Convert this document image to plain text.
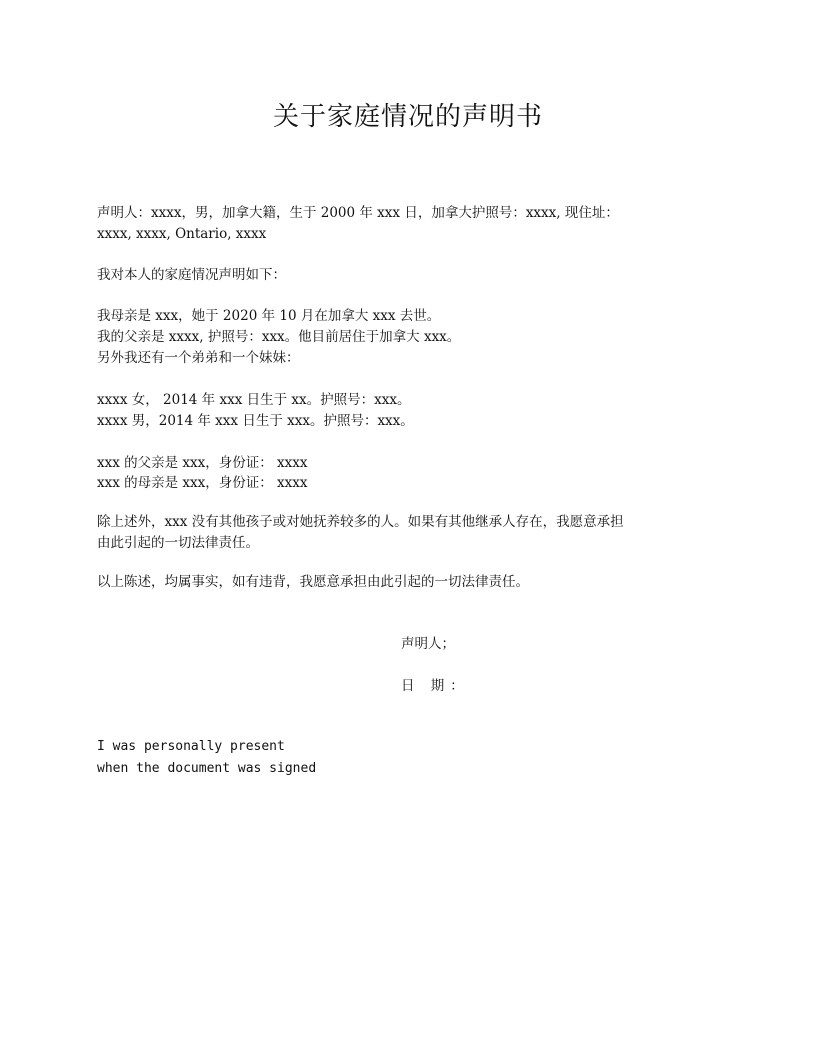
关于家庭情况的声明书
声明人：xxxx，男，加拿大籍，生于 2000 年 xxx 日，加拿大护照号：xxxx, 现住址：
xxxx, xxxx, Ontario, xxxx
我对本人的家庭情况声明如下：
我母亲是 xxx，她于 2020 年 10 月在加拿大 xxx 去世。
我的父亲是 xxxx, 护照号：xxx。他目前居住于加拿大 xxx。
另外我还有一个弟弟和一个妹妹：
xxxx 女， 2014 年 xxx 日生于 xx。护照号：xxx。
xxxx 男，2014 年 xxx 日生于 xxx。护照号：xxx。
xxx 的父亲是 xxx，身份证： xxxx
xxx 的母亲是 xxx，身份证： xxxx
除上述外，xxx 没有其他孩子或对她抚养较多的人。如果有其他继承人存在，我愿意承担
由此引起的一切法律责任。
以上陈述，均属事实，如有违背，我愿意承担由此引起的一切法律责任。
声明人；
日 期：
I was personally present
when the document was signed
